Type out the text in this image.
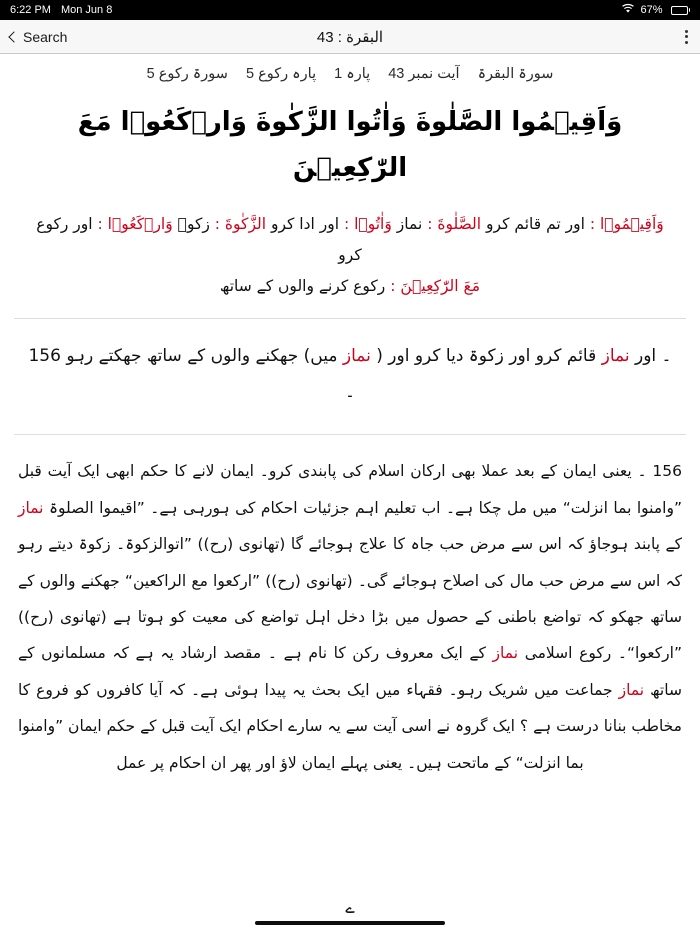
6:22 PM Mon Jun 8	67%
Search	البقرة : 43
سورۃ البقرۃ آیت نمبر 43 پارہ 1 پارہ رکوع 5 سورۃ رکوع 5
وَاَقِيۡمُوا الصَّلٰوةَ وَاٰتُوا الزَّكٰوةَ وَارۡكَعُوۡا مَعَ الرّٰكِعِيۡنَ
وَاَقِيۡمُوۡا : اور تم قائم کرو الصَّلٰوةَ : نماز وَاٰتُوۡا : اور ادا کرو الزَّكٰوةَ : زکوۃ وَارۡكَعُوۡا : اور رکوع کرو
مَعَ الرّٰكِعِيۡنَ : رکوع کرنے والوں کے ساتھ
۔ اور نماز قائم کرو اور زکوۃ دیا کرو اور ( نماز میں) جھکنے والوں کے ساتھ جھکتے رہو 156 ۔
156 ۔ یعنی ایمان کے بعد عملا بھی ارکان اسلام کی پابندی کرو۔ ایمان لانے کا حکم ابھی ایک آیت قبل ”وامنوا بما انزلت“ میں مل چکا ہے۔ اب تعلیم اہم جزئیات احکام کی ہورہی ہے۔ ”اقیموا الصلوۃ نماز کے پابند ہوجاؤ کہ اس سے مرض حب جاہ کا علاج ہوجائے گا (تھانوی (رح)) ”اتوالزکوۃ۔ زکوۃ دیتے رہو کہ اس سے مرض حب مال کی اصلاح ہوجائے گی۔ (تھانوی (رح)) ”ارکعوا مع الراکعین“ جھکنے والوں کے ساتھ جھکو کہ تواضع باطنی کے حصول میں بڑا دخل اہل تواضع کی معیت کو ہوتا ہے (تھانوی (رح)) ”ارکعوا“۔ رکوع اسلامی نماز کے ایک معروف رکن کا نام ہے ۔ مقصد ارشاد یہ ہے کہ مسلمانوں کے ساتھ نماز جماعت میں شریک رہو۔ فقہاء میں ایک بحث یہ پیدا ہوئی ہے۔ کہ آیا کافروں کو فروع کا مخاطب بنانا درست ہے ؟ ایک گروہ نے اسی آیت سے یہ سارے احکام ایک آیت قبل کے حکم ایمان ”وامنوا بما انزلت“ کے ماتحت ہیں۔ یعنی پہلے ایمان لاؤ اور پھر ان احکام پر عمل
ے
